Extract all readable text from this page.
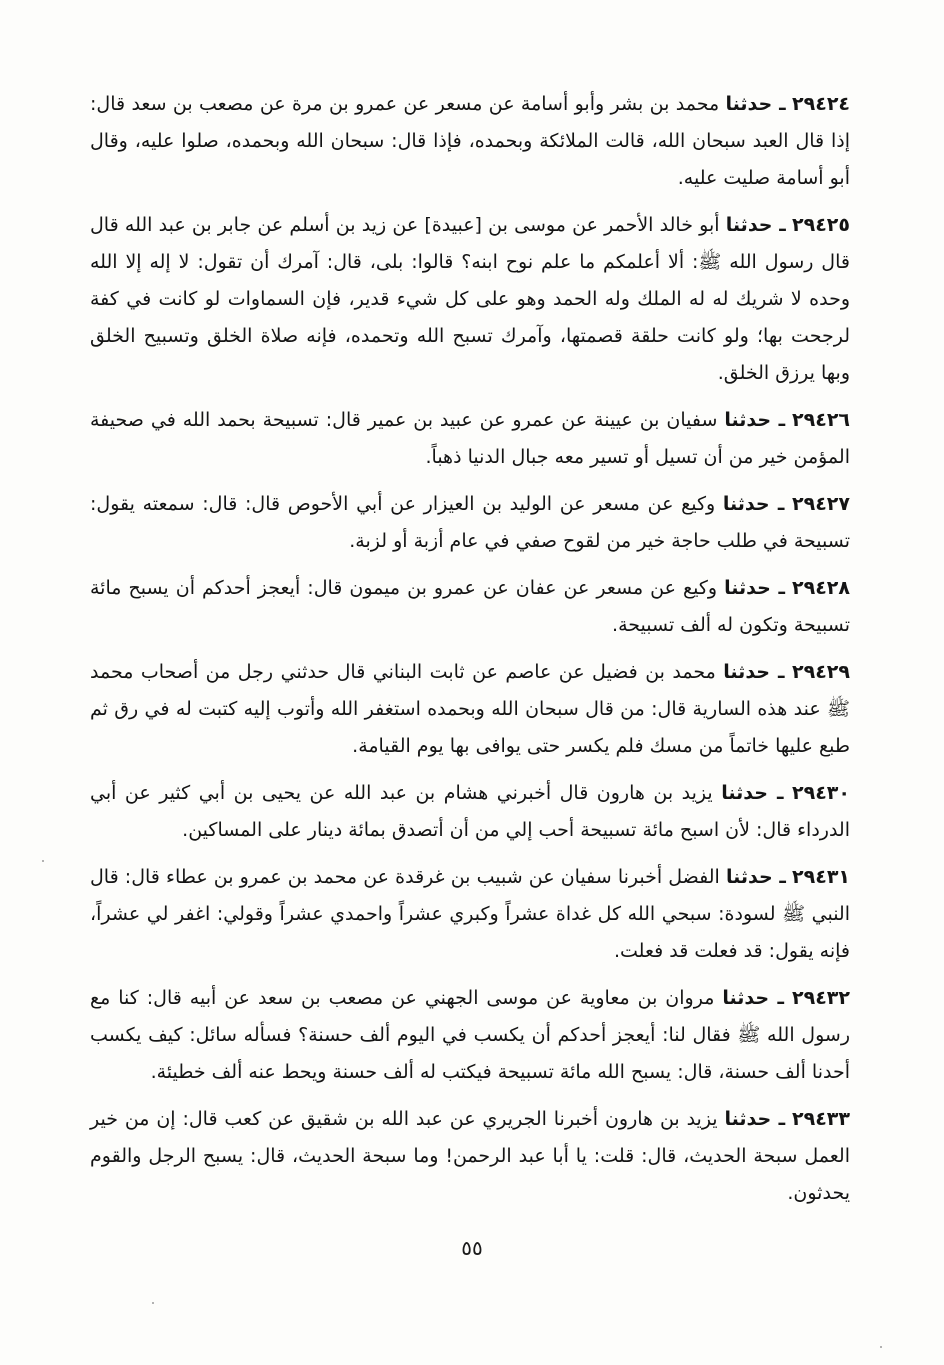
٢٩٤٢٤ ـ حدثنا محمد بن بشر وأبو أسامة عن مسعر عن عمرو بن مرة عن مصعب بن سعد قال: إذا قال العبد سبحان الله، قالت الملائكة وبحمده، فإذا قال: سبحان الله وبحمده، صلوا عليه، وقال أبو أسامة صليت عليه.

٢٩٤٢٥ ـ حدثنا أبو خالد الأحمر عن موسى بن [عبيدة] عن زيد بن أسلم عن جابر بن عبد الله قال قال رسول الله ﷺ: ألا أعلمكم ما علم نوح ابنه؟ قالوا: بلى، قال: آمرك أن تقول: لا إله إلا الله وحده لا شريك له له الملك وله الحمد وهو على كل شيء قدير، فإن السماوات لو كانت في كفة لرجحت بها؛ ولو كانت حلقة قصمتها، وآمرك تسبح الله وتحمده، فإنه صلاة الخلق وتسبيح الخلق وبها يرزق الخلق.

٢٩٤٢٦ ـ حدثنا سفيان بن عيينة عن عمرو عن عبيد بن عمير قال: تسبيحة بحمد الله في صحيفة المؤمن خير من أن تسيل أو تسير معه جبال الدنيا ذهباً.

٢٩٤٢٧ ـ حدثنا وكيع عن مسعر عن الوليد بن العيزار عن أبي الأحوص قال: قال: سمعته يقول: تسبيحة في طلب حاجة خير من لقوح صفي في عام أزبة أو لزبة.

٢٩٤٢٨ ـ حدثنا وكيع عن مسعر عن عفان عن عمرو بن ميمون قال: أيعجز أحدكم أن يسبح مائة تسبيحة وتكون له ألف تسبيحة.

٢٩٤٢٩ ـ حدثنا محمد بن فضيل عن عاصم عن ثابت البناني قال حدثني رجل من أصحاب محمد ﷺ عند هذه السارية قال: من قال سبحان الله وبحمده استغفر الله وأتوب إليه كتبت له في رق ثم طبع عليها خاتماً من مسك فلم يكسر حتى يوافى بها يوم القيامة.

٢٩٤٣٠ ـ حدثنا يزيد بن هارون قال أخبرني هشام بن عبد الله عن يحيى بن أبي كثير عن أبي الدرداء قال: لأن اسبح مائة تسبيحة أحب إلي من أن أتصدق بمائة دينار على المساكين.

٢٩٤٣١ ـ حدثنا الفضل أخبرنا سفيان عن شبيب بن غرقدة عن محمد بن عمرو بن عطاء قال: قال النبي ﷺ لسودة: سبحي الله كل غداة عشراً وكبري عشراً واحمدي عشراً وقولي: اغفر لي عشراً، فإنه يقول: قد فعلت قد فعلت.

٢٩٤٣٢ ـ حدثنا مروان بن معاوية عن موسى الجهني عن مصعب بن سعد عن أبيه قال: كنا مع رسول الله ﷺ فقال لنا: أيعجز أحدكم أن يكسب في اليوم ألف حسنة؟ فسأله سائل: كيف يكسب أحدنا ألف حسنة، قال: يسبح الله مائة تسبيحة فيكتب له ألف حسنة ويحط عنه ألف خطيئة.

٢٩٤٣٣ ـ حدثنا يزيد بن هارون أخبرنا الجريري عن عبد الله بن شقيق عن كعب قال: إن من خير العمل سبحة الحديث، قال: قلت: يا أبا عبد الرحمن! وما سبحة الحديث، قال: يسبح الرجل والقوم يحدثون.

٥٥
